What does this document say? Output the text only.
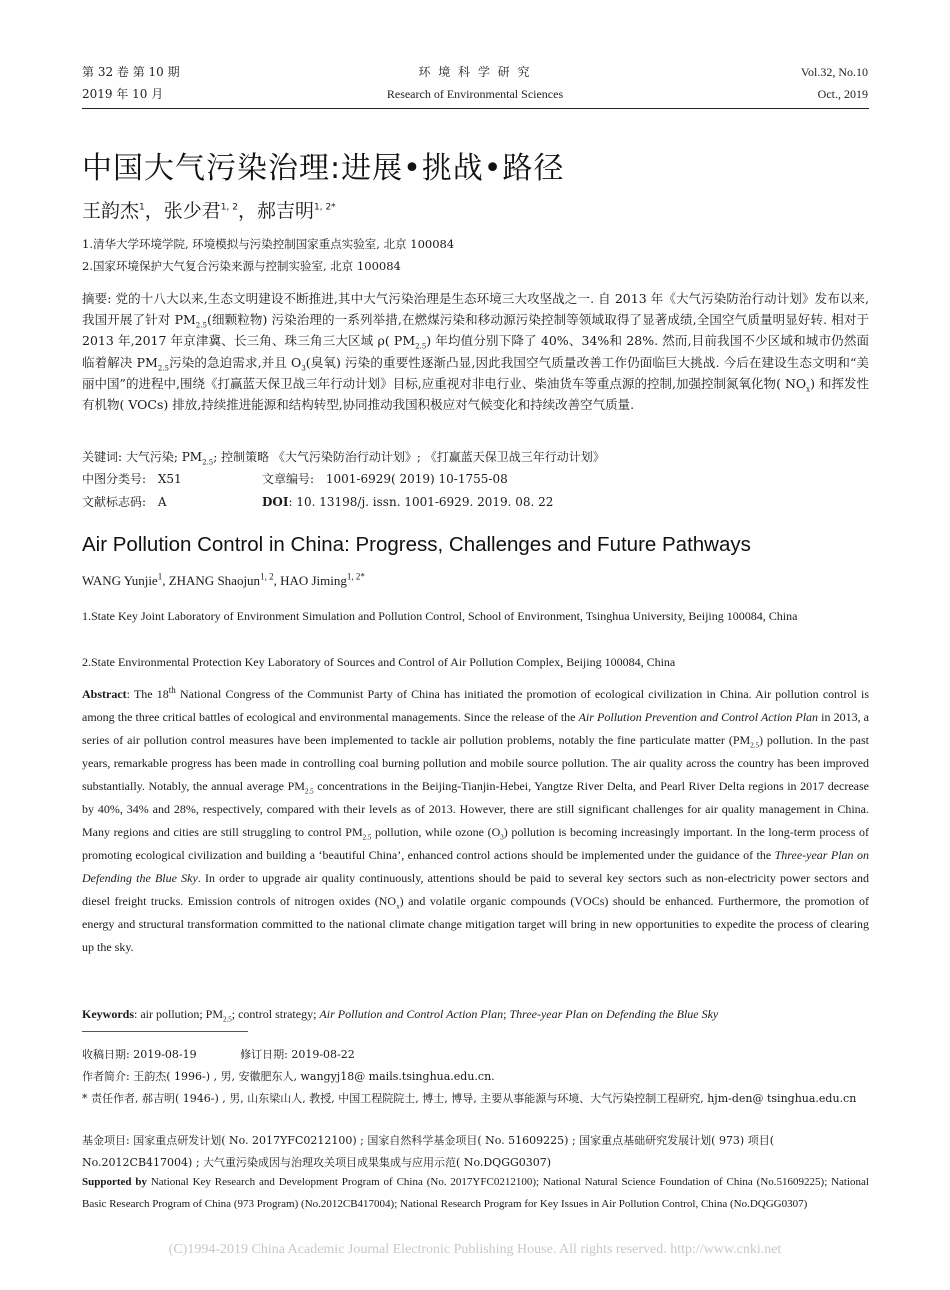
第 32 卷 第 10 期
2019 年 10 月
环 境 科 学 研 究
Research of Environmental Sciences
Vol.32, No.10
Oct., 2019
中国大气污染治理:进展•挑战•路径
王韵杰$^1$，张少君$^{1, 2}$，郝吉明$^{1, 2*}$
1.清华大学环境学院, 环境模拟与污染控制国家重点实验室, 北京 100084
2.国家环境保护大气复合污染来源与控制实验室, 北京 100084
摘要: 党的十八大以来,生态文明建设不断推进,其中大气污染治理是生态环境三大攻坚战之一. 自 2013 年《大气污染防治行动计划》发布以来,我国开展了针对 $PM_{2.5}$(细颗粒物) 污染治理的一系列举措,在燃煤污染和移动源污染控制等领域取得了显著成绩,全国空气质量明显好转. 相对于 2013 年,2017 年京津冀、长三角、珠三角三大区域 ρ( $PM_{2.5}$) 年均值分别下降了 40%、34%和 28%. 然而,目前我国不少区域和城市仍然面临着解决 $PM_{2.5}$污染的急迫需求,并且 $O_3$(臭氧) 污染的重要性逐渐凸显,因此我国空气质量改善工作仍面临巨大挑战. 今后在建设生态文明和“美丽中国”的进程中,围绕《打赢蓝天保卫战三年行动计划》目标,应重视对非电行业、柴油货车等重点源的控制,加强控制氮氧化物( $NO_x$) 和挥发性有机物( VOCs) 排放,持续推进能源和结构转型,协同推动我国积极应对气候变化和持续改善空气质量.
关键词: 大气污染; $PM_{2.5}$; 控制策略 《大气污染防治行动计划》; 《打赢蓝天保卫战三年行动计划》
中图分类号: X51	文章编号: 1001-6929( 2019) 10-1755-08
文献标志码: A	DOI: 10. 13198/j. issn. 1001-6929. 2019. 08. 22
Air Pollution Control in China: Progress, Challenges and Future Pathways
WANG Yunjie$^1$, ZHANG Shaojun$^{1, 2}$, HAO Jiming$^{1, 2*}$
1.State Key Joint Laboratory of Environment Simulation and Pollution Control, School of Environment, Tsinghua University, Beijing 100084, China
2.State Environmental Protection Key Laboratory of Sources and Control of Air Pollution Complex, Beijing 100084, China
Abstract: The 18th National Congress of the Communist Party of China has initiated the promotion of ecological civilization in China. Air pollution control is among the three critical battles of ecological and environmental managements. Since the release of the Air Pollution Prevention and Control Action Plan in 2013, a series of air pollution control measures have been implemented to tackle air pollution problems, notably the fine particulate matter $(PM_{2.5})$ pollution. In the past years, remarkable progress has been made in controlling coal burning pollution and mobile source pollution. The air quality across the country has been improved substantially. Notably, the annual average $PM_{2.5}$ concentrations in the Beijing-Tianjin-Hebei, Yangtze River Delta, and Pearl River Delta regions in 2017 decrease by 40%, 34% and 28%, respectively, compared with their levels as of 2013. However, there are still significant challenges for air quality management in China. Many regions and cities are still struggling to control $PM_{2.5}$ pollution, while ozone $(O_3)$ pollution is becoming increasingly important. In the long-term process of promoting ecological civilization and building a ‘beautiful China’, enhanced control actions should be implemented under the guidance of the Three-year Plan on Defending the Blue Sky. In order to upgrade air quality continuously, attentions should be paid to several key sectors such as non-electricity power sectors and diesel freight trucks. Emission controls of nitrogen oxides $(NO_x)$ and volatile organic compounds (VOCs) should be enhanced. Furthermore, the promotion of energy and structural transformation committed to the national climate change mitigation target will bring in new opportunities to expedite the process of clearing up the sky.
Keywords: air pollution; $PM_{2.5}$; control strategy; Air Pollution and Control Action Plan; Three-year Plan on Defending the Blue Sky
收稿日期: 2019-08-19	修订日期: 2019-08-22
作者简介: 王韵杰( 1996-) , 男, 安徽肥东人, wangyj18@ mails.tsinghua.edu.cn.
* 责任作者, 郝吉明( 1946-) , 男, 山东梁山人, 教授, 中国工程院院士, 博士, 博导, 主要从事能源与环境、大气污染控制工程研究, hjm-den@ tsinghua.edu.cn
基金项目: 国家重点研发计划( No. 2017YFC0212100) ; 国家自然科学基金项目( No. 51609225) ; 国家重点基础研究发展计划( 973) 项目( No.2012CB417004) ; 大气重污染成因与治理攻关项目成果集成与应用示范( No.DQGG0307)
Supported by National Key Research and Development Program of China (No. 2017YFC0212100); National Natural Science Foundation of China (No.51609225); National Basic Research Program of China (973 Program) (No.2012CB417004); National Research Program for Key Issues in Air Pollution Control, China (No.DQGG0307)
(C)1994-2019 China Academic Journal Electronic Publishing House. All rights reserved. http://www.cnki.net
